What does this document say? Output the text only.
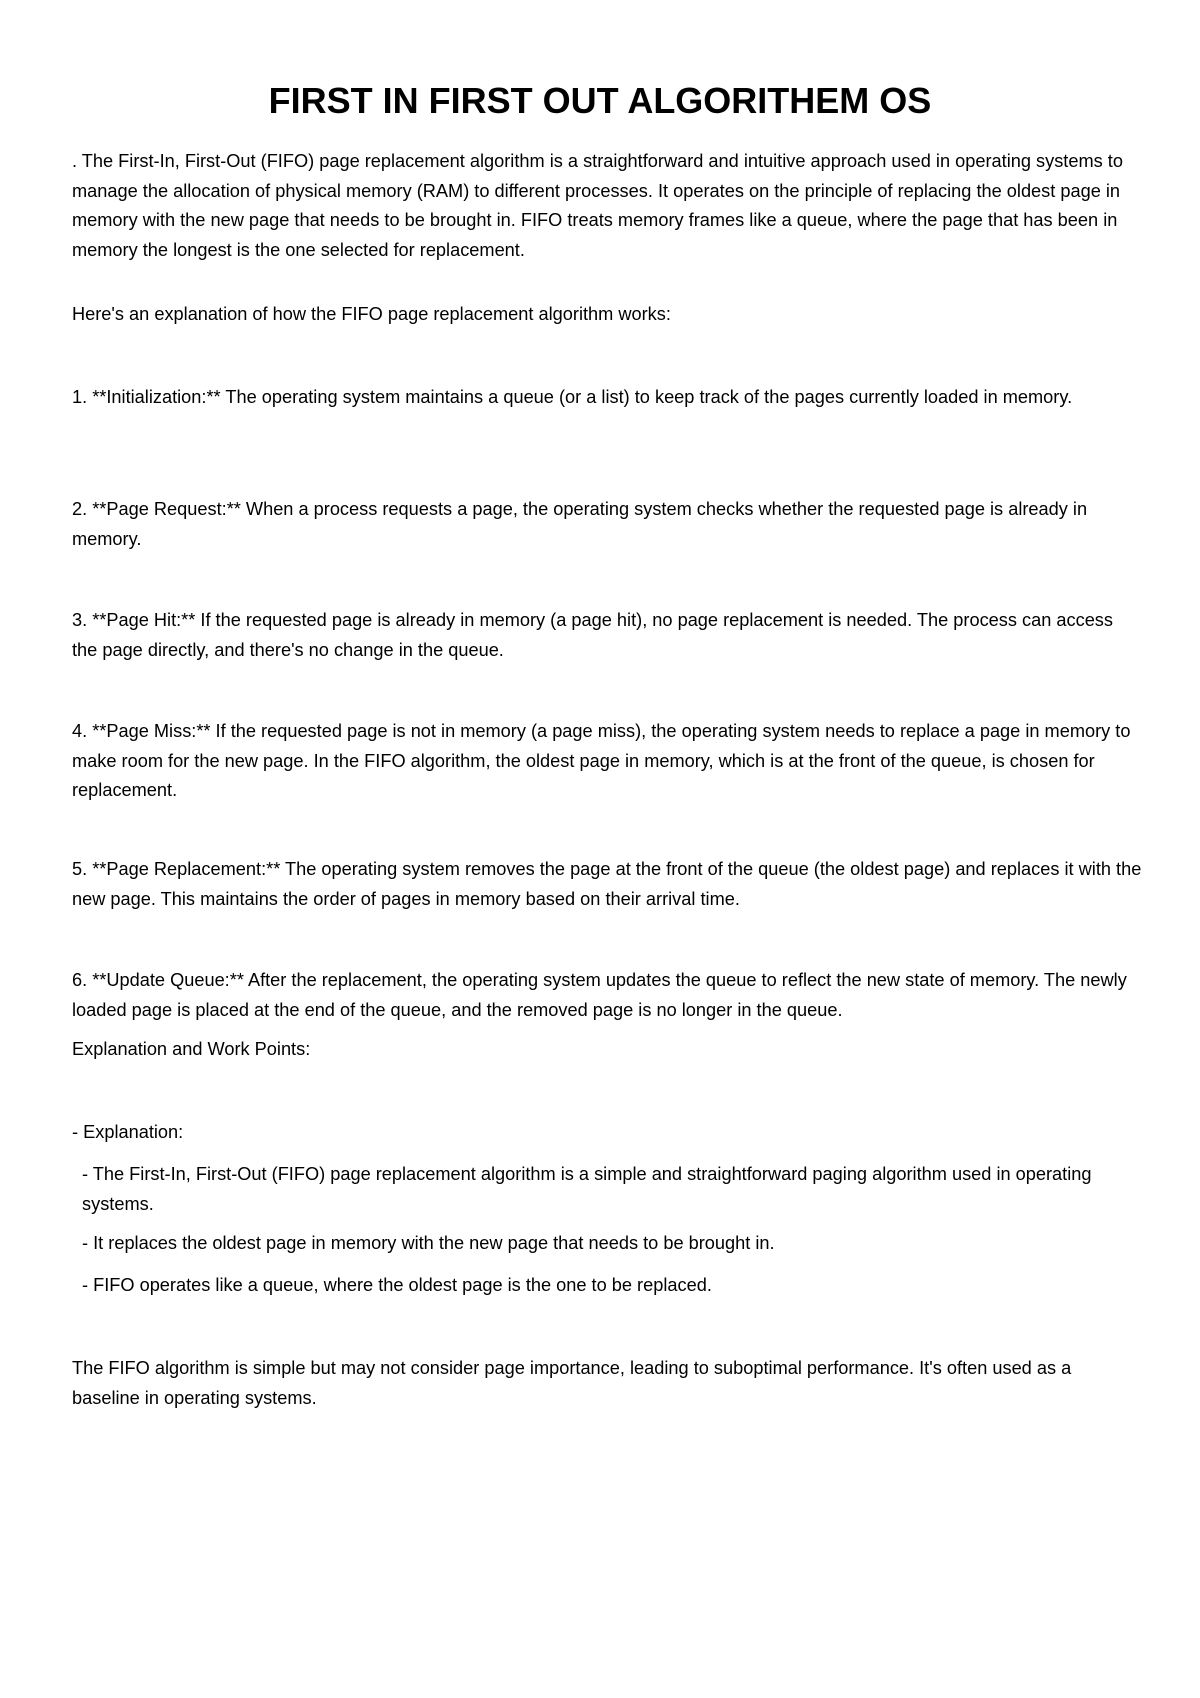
FIRST IN FIRST OUT ALGORITHEM OS

. The First-In, First-Out (FIFO) page replacement algorithm is a straightforward and intuitive approach used in operating systems to manage the allocation of physical memory (RAM) to different processes. It operates on the principle of replacing the oldest page in memory with the new page that needs to be brought in. FIFO treats memory frames like a queue, where the page that has been in memory the longest is the one selected for replacement.

Here's an explanation of how the FIFO page replacement algorithm works:

1. **Initialization:** The operating system maintains a queue (or a list) to keep track of the pages currently loaded in memory.

2. **Page Request:** When a process requests a page, the operating system checks whether the requested page is already in memory.

3. **Page Hit:** If the requested page is already in memory (a page hit), no page replacement is needed. The process can access the page directly, and there's no change in the queue.

4. **Page Miss:** If the requested page is not in memory (a page miss), the operating system needs to replace a page in memory to make room for the new page. In the FIFO algorithm, the oldest page in memory, which is at the front of the queue, is chosen for replacement.

5. **Page Replacement:** The operating system removes the page at the front of the queue (the oldest page) and replaces it with the new page. This maintains the order of pages in memory based on their arrival time.

6. **Update Queue:** After the replacement, the operating system updates the queue to reflect the new state of memory. The newly loaded page is placed at the end of the queue, and the removed page is no longer in the queue.

Explanation and Work Points:

- Explanation:

- The First-In, First-Out (FIFO) page replacement algorithm is a simple and straightforward paging algorithm used in operating systems.

- It replaces the oldest page in memory with the new page that needs to be brought in.

- FIFO operates like a queue, where the oldest page is the one to be replaced.

The FIFO algorithm is simple but may not consider page importance, leading to suboptimal performance. It's often used as a baseline in operating systems.
